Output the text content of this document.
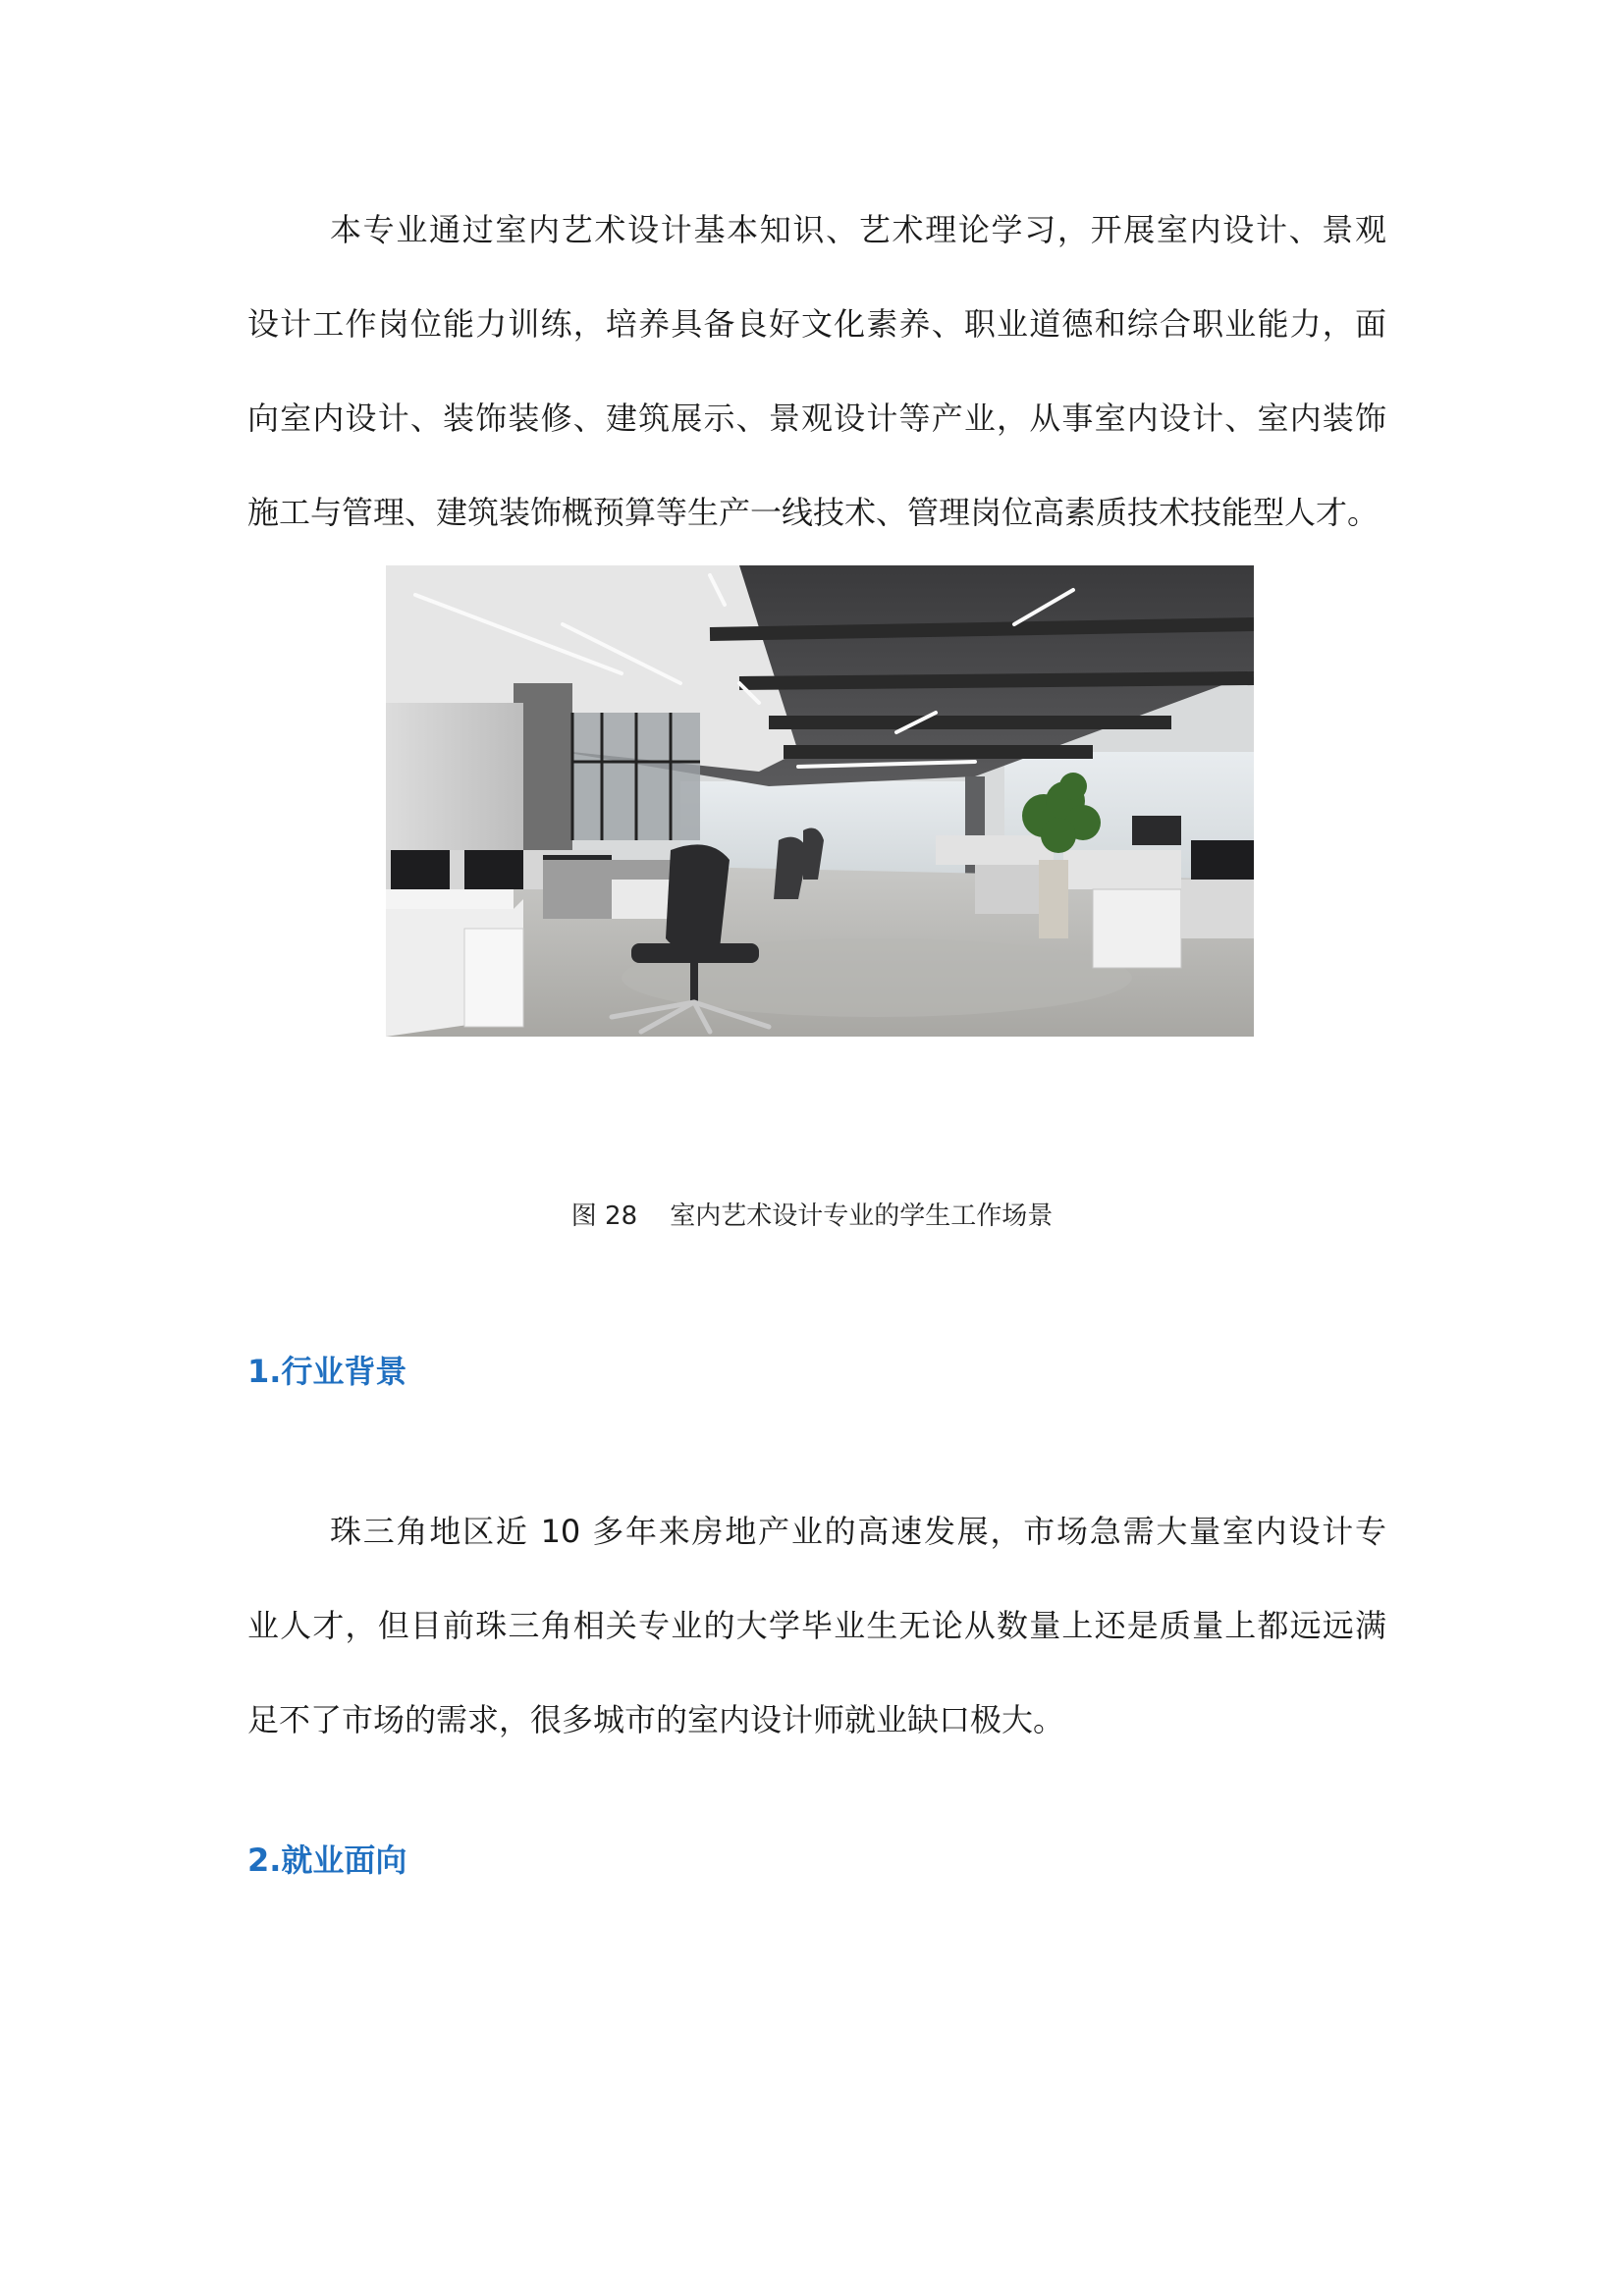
本专业通过室内艺术设计基本知识、艺术理论学习，开展室内设计、景观
设计工作岗位能力训练，培养具备良好文化素养、职业道德和综合职业能力，面
向室内设计、装饰装修、建筑展示、景观设计等产业，从事室内设计、室内装饰
施工与管理、建筑装饰概预算等生产一线技术、管理岗位高素质技术技能型人才。
图 28    室内艺术设计专业的学生工作场景
1.行业背景
珠三角地区近 10 多年来房地产业的高速发展，市场急需大量室内设计专
业人才，但目前珠三角相关专业的大学毕业生无论从数量上还是质量上都远远满
足不了市场的需求，很多城市的室内设计师就业缺口极大。
2.就业面向
